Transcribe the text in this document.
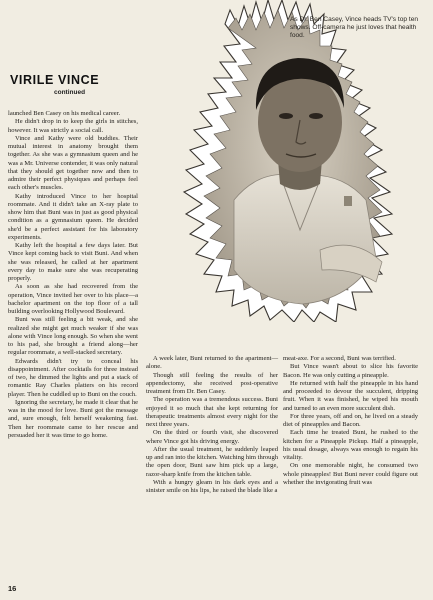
As Dr. Ben Casey, Vince heads TV's top ten shows. Off-camera he just loves that health food.

VIRILE VINCE
continued

launched Ben Casey on his medical career.

He didn't drop in to keep the girls in stitches, however. It was strictly a social call.

Vince and Kathy were old buddies. Their mutual interest in anatomy brought them together. As she was a gymnasium queen and he was a Mr. Universe contender, it was only natural that they should get together now and then to admire their perfect physiques and perhaps feel each other's muscles.

Kathy introduced Vince to her hospital roommate. And it didn't take an X-ray plate to show him that Buni was in just as good physical condition as a gymnasium queen. He decided she'd be a perfect assistant for his laboratory experiments.

Kathy left the hospital a few days later. But Vince kept coming back to visit Buni. And when she was released, he called at her apartment every day to make sure she was recuperating properly.

As soon as she had recovered from the operation, Vince invited her over to his place—a bachelor apartment on the top floor of a tall building overlooking Hollywood Boulevard.

Buni was still feeling a bit weak, and she realized she might get much weaker if she was alone with Vince long enough. So when she went to his pad, she brought a friend along—her regular roommate, a well-stacked secretary.

Edwards didn't try to conceal his disappointment. After cocktails for three instead of two, he dimmed the lights and put a stack of romantic Ray Charles platters on his record player. Then he cuddled up to Buni on the couch.

Ignoring the secretary, he made it clear that he was in the mood for love. Buni got the message and, sure enough, felt herself weakening fast. Then her roommate came to her rescue and persuaded her it was time to go home.

A week later, Buni returned to the apartment—alone.

Though still feeling the results of her appendectomy, she received post-operative treatment from Dr. Ben Casey.

The operation was a tremendous success. Buni enjoyed it so much that she kept returning for therapeutic treatments almost every night for the next three years.

On the third or fourth visit, she discovered where Vince got his driving energy.

After the usual treatment, he suddenly leaped up and ran into the kitchen. Watching him through the open door, Buni saw him pick up a large, razor-sharp knife from the kitchen table.

With a hungry gleam in his dark eyes and a sinister smile on his lips, he raised the blade like a

meat-axe. For a second, Buni was terrified.

But Vince wasn't about to slice his favorite Bacon. He was only cutting a pineapple.

He returned with half the pineapple in his hand and proceeded to devour the succulent, dripping fruit. When it was finished, he wiped his mouth and turned to an even more succulent dish.

For three years, off and on, he lived on a steady diet of pineapples and Bacon.

Each time he treated Buni, he rushed to the kitchen for a Pineapple Pickup. Half a pineapple, his usual dosage, always was enough to regain his vitality.

On one memorable night, he consumed two whole pineapples! But Buni never could figure out whether the invigorating fruit was

16
